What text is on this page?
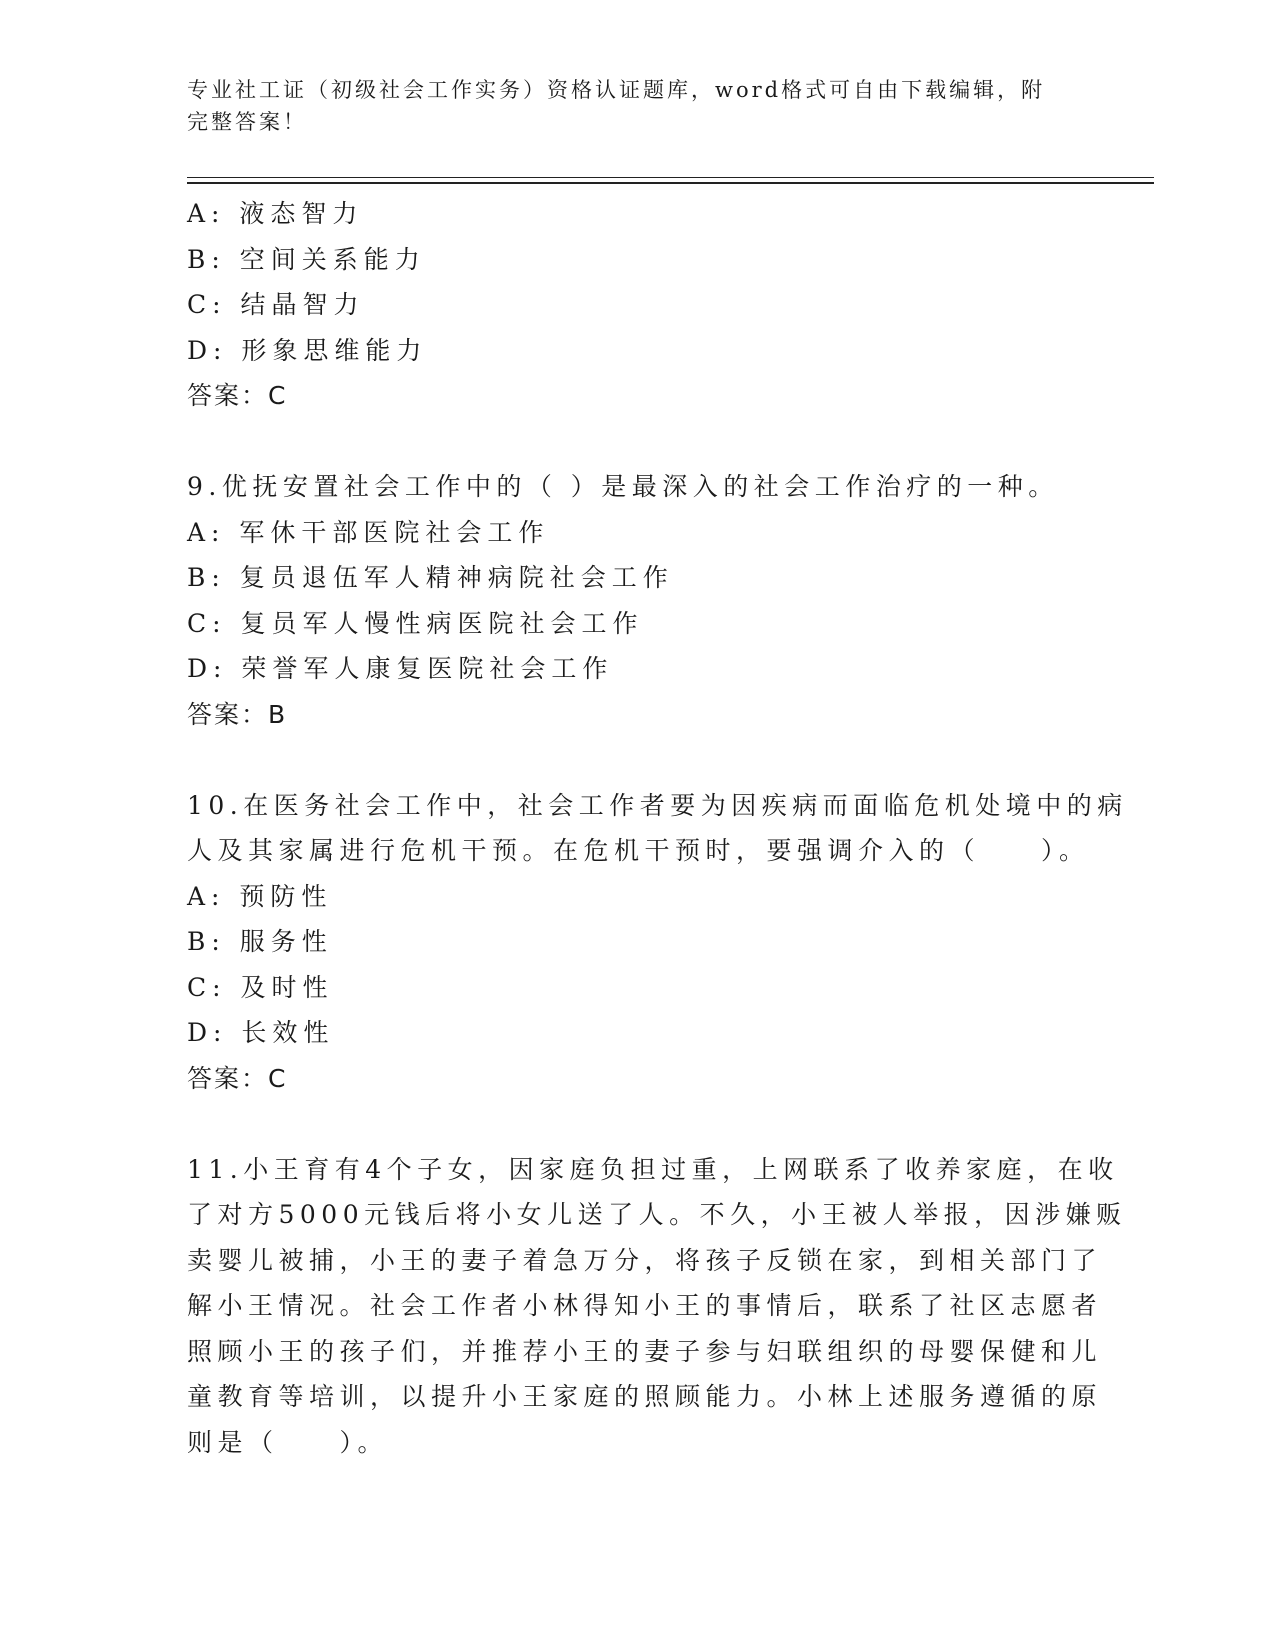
专业社工证（初级社会工作实务）资格认证题库，word格式可自由下载编辑，附
完整答案！
A: 液态智力
B: 空间关系能力
C: 结晶智力
D: 形象思维能力
答案：C
9.优抚安置社会工作中的（ ）是最深入的社会工作治疗的一种。
A: 军休干部医院社会工作
B: 复员退伍军人精神病院社会工作
C: 复员军人慢性病医院社会工作
D: 荣誉军人康复医院社会工作
答案：B
10.在医务社会工作中，社会工作者要为因疾病而面临危机处境中的病
人及其家属进行危机干预。在危机干预时，要强调介入的（　　）。
A: 预防性
B: 服务性
C: 及时性
D: 长效性
答案：C
11.小王育有4个子女，因家庭负担过重，上网联系了收养家庭，在收
了对方5000元钱后将小女儿送了人。不久，小王被人举报，因涉嫌贩
卖婴儿被捕，小王的妻子着急万分，将孩子反锁在家，到相关部门了
解小王情况。社会工作者小林得知小王的事情后，联系了社区志愿者
照顾小王的孩子们，并推荐小王的妻子参与妇联组织的母婴保健和儿
童教育等培训，以提升小王家庭的照顾能力。小林上述服务遵循的原
则是（　　）。
